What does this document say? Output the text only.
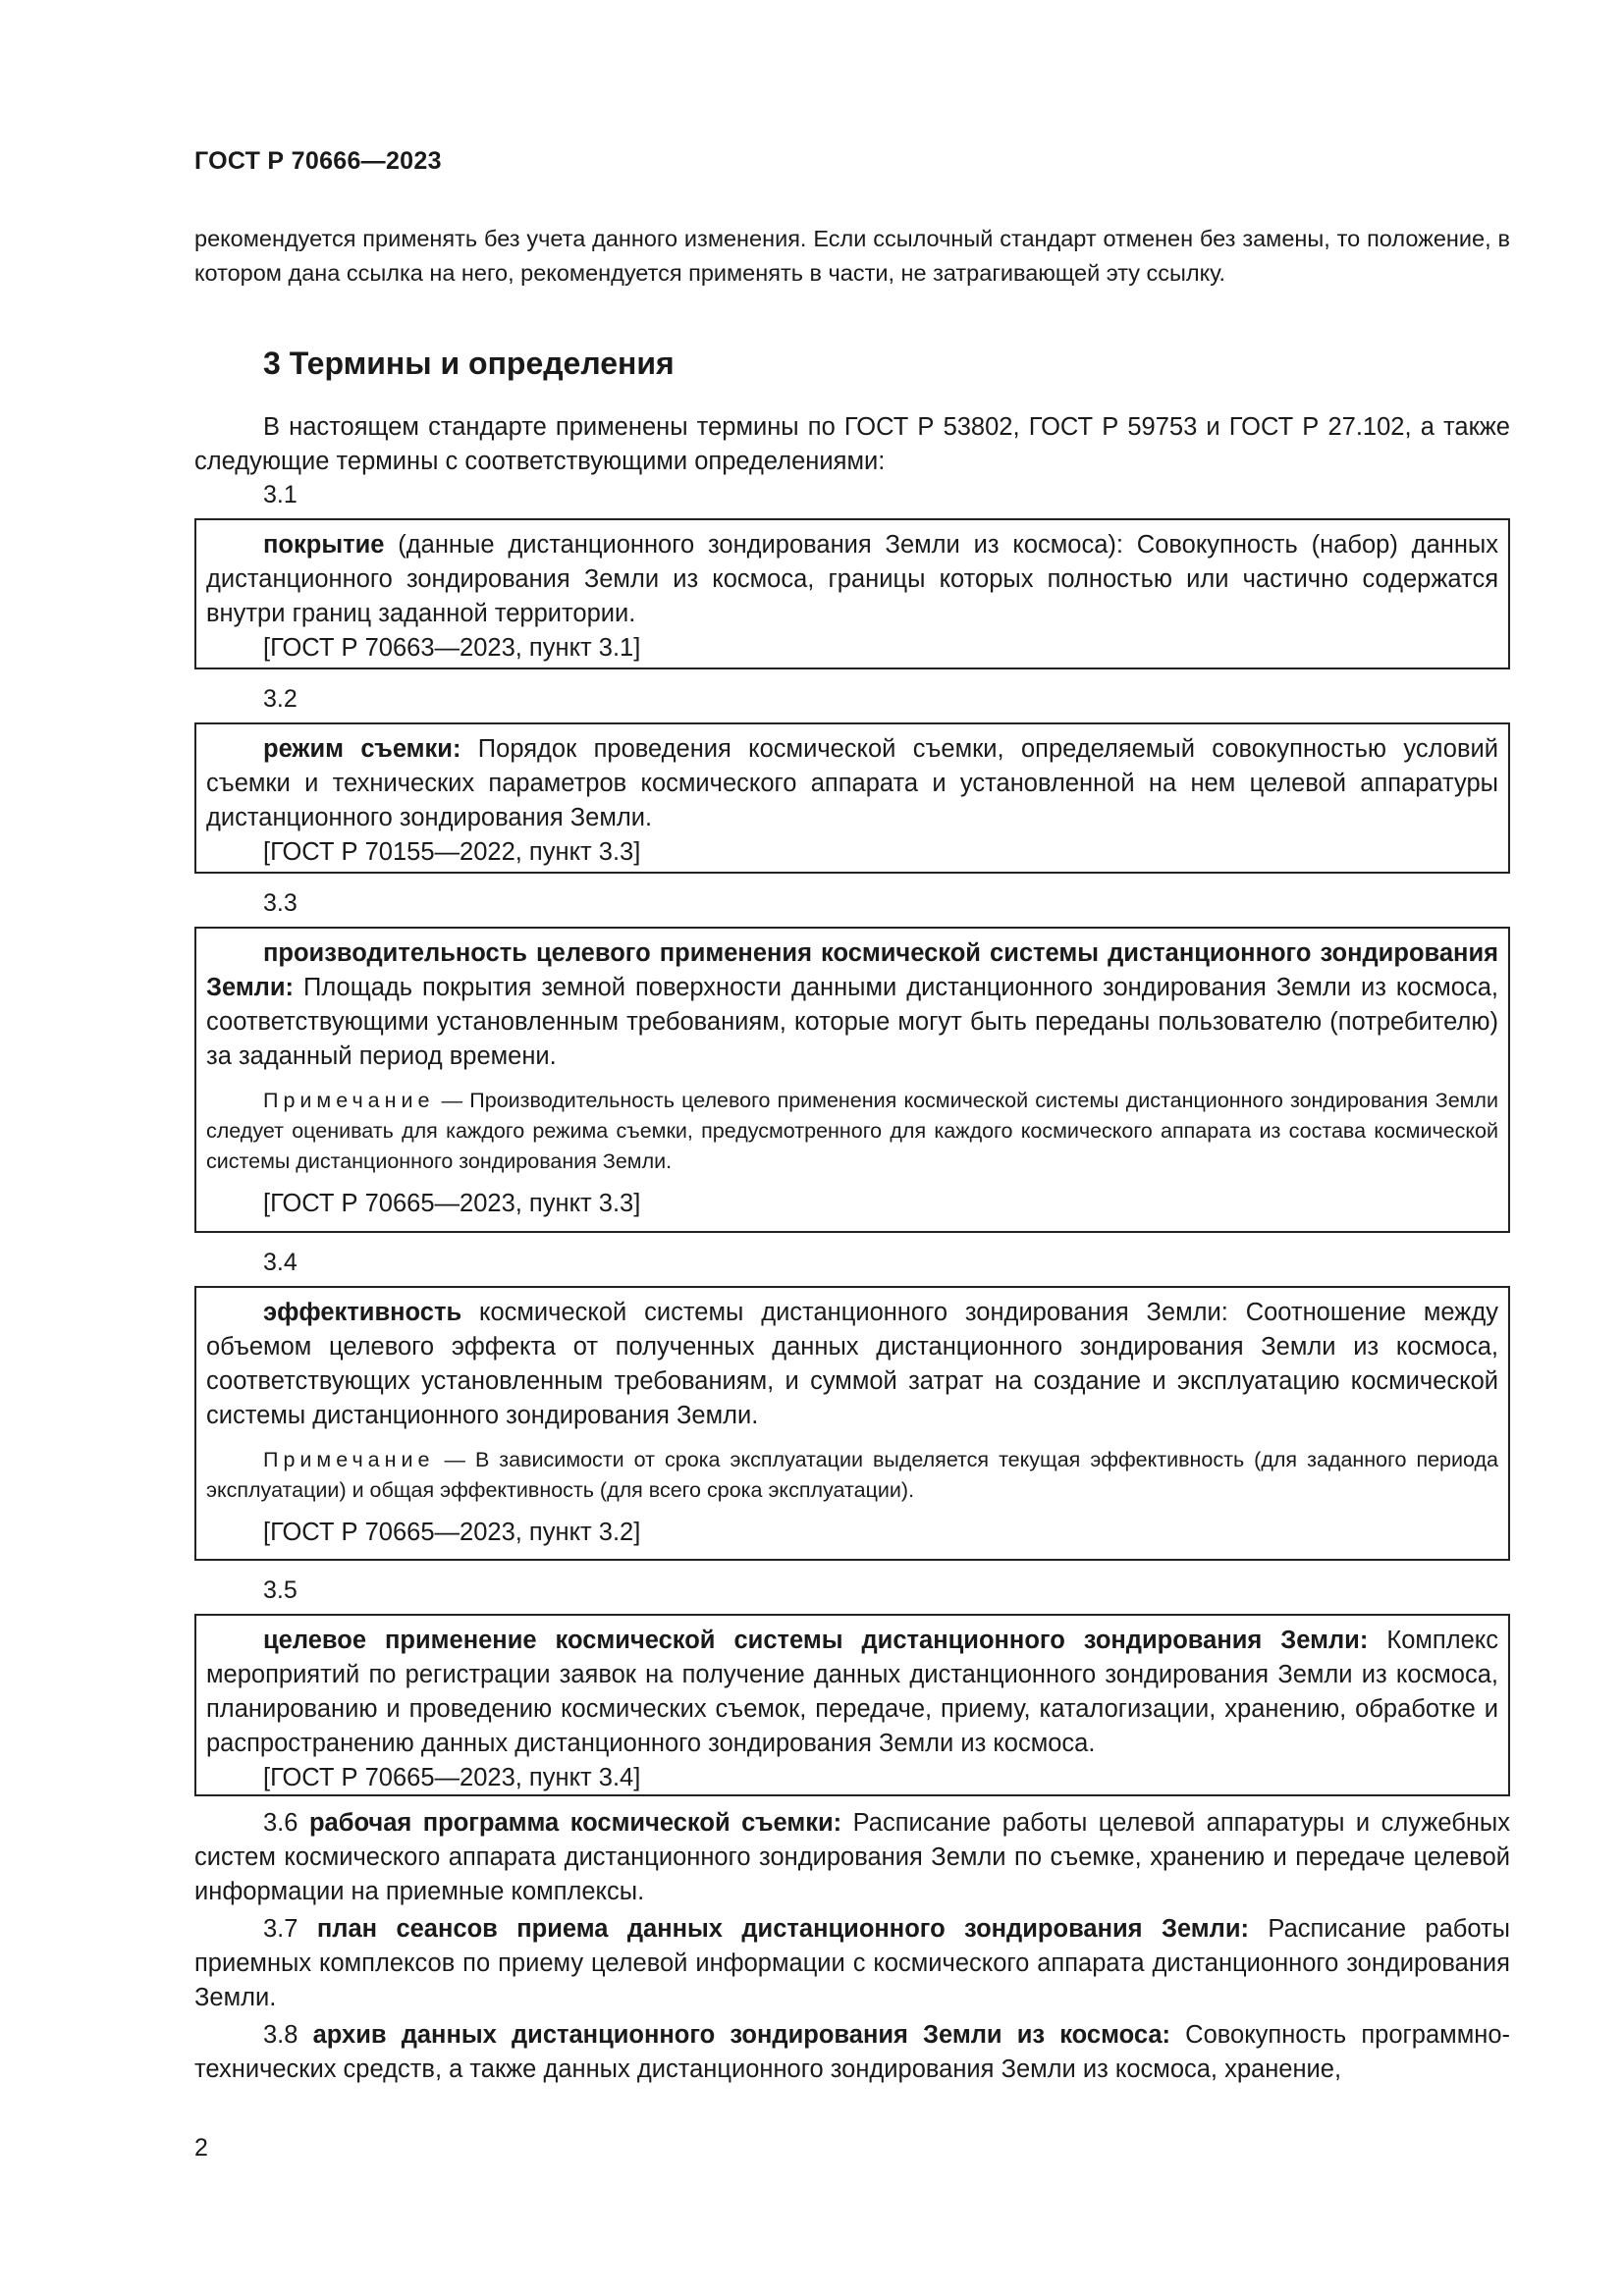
ГОСТ Р 70666—2023
рекомендуется применять без учета данного изменения. Если ссылочный стандарт отменен без замены, то положение, в котором дана ссылка на него, рекомендуется применять в части, не затрагивающей эту ссылку.
3 Термины и определения
В настоящем стандарте применены термины по ГОСТ Р 53802, ГОСТ Р 59753 и ГОСТ Р 27.102, а также следующие термины с соответствующими определениями:
3.1

покрытие (данные дистанционного зондирования Земли из космоса): Совокупность (набор) данных дистанционного зондирования Земли из космоса, границы которых полностью или частично содержатся внутри границ заданной территории.

[ГОСТ Р 70663—2023, пункт 3.1]

3.2

режим съемки: Порядок проведения космической съемки, определяемый совокупностью условий съемки и технических параметров космического аппарата и установленной на нем целевой аппаратуры дистанционного зондирования Земли.

[ГОСТ Р 70155—2022, пункт 3.3]

3.3

производительность целевого применения космической системы дистанционного зондирования Земли: Площадь покрытия земной поверхности данными дистанционного зондирования Земли из космоса, соответствующими установленным требованиям, которые могут быть переданы пользователю (потребителю) за заданный период времени.

Примечание — Производительность целевого применения космической системы дистанционного зондирования Земли следует оценивать для каждого режима съемки, предусмотренного для каждого космического аппарата из состава космической системы дистанционного зондирования Земли.

[ГОСТ Р 70665—2023, пункт 3.3]

3.4

эффективность космической системы дистанционного зондирования Земли: Соотношение между объемом целевого эффекта от полученных данных дистанционного зондирования Земли из космоса, соответствующих установленным требованиям, и суммой затрат на создание и эксплуатацию космической системы дистанционного зондирования Земли.

Примечание — В зависимости от срока эксплуатации выделяется текущая эффективность (для заданного периода эксплуатации) и общая эффективность (для всего срока эксплуатации).

[ГОСТ Р 70665—2023, пункт 3.2]

3.5

целевое применение космической системы дистанционного зондирования Земли: Комплекс мероприятий по регистрации заявок на получение данных дистанционного зондирования Земли из космоса, планированию и проведению космических съемок, передаче, приему, каталогизации, хранению, обработке и распространению данных дистанционного зондирования Земли из космоса.

[ГОСТ Р 70665—2023, пункт 3.4]

3.6 рабочая программа космической съемки: Расписание работы целевой аппаратуры и служебных систем космического аппарата дистанционного зондирования Земли по съемке, хранению и передаче целевой информации на приемные комплексы.
3.7 план сеансов приема данных дистанционного зондирования Земли: Расписание работы приемных комплексов по приему целевой информации с космического аппарата дистанционного зондирования Земли.
3.8 архив данных дистанционного зондирования Земли из космоса: Совокупность программно-технических средств, а также данных дистанционного зондирования Земли из космоса, хранение,
2
